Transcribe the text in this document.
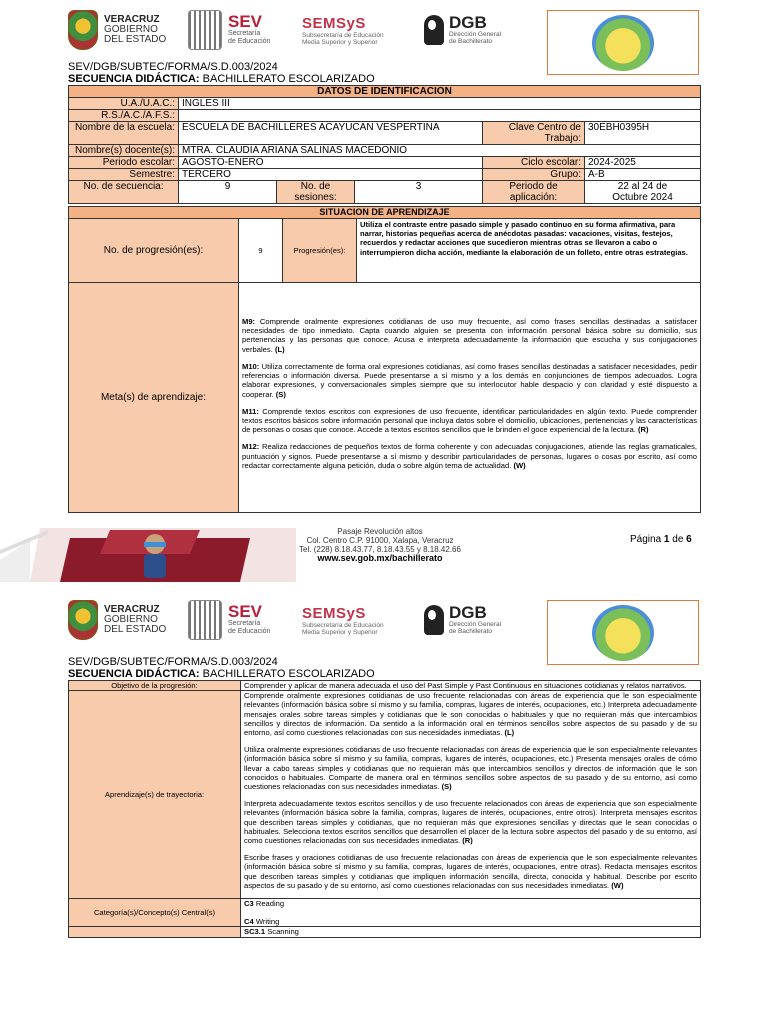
VERACRUZ
GOBIERNO
DEL ESTADO
SEV
Secretaría
de Educación
SEMSyS
Subsecretaría de Educación
Media Superior y Superior
DGB
Dirección General
de Bachillerato
SEV/DGB/SUBTEC/FORMA/S.D.003/2024
SECUENCIA DIDÁCTICA: BACHILLERATO ESCOLARIZADO
DATOS DE IDENTIFICACION					
U.A./U.A.C.:	INGLES III				
R.S./A.C./A.F.S.:					
Nombre de la escuela:	ESCUELA DE BACHILLERES ACAYUCAN VESPERTINA			Clave Centro de Trabajo:	30EBH0395H
Nombre(s) docente(s):	MTRA. CLAUDIA ARIANA SALINAS MACEDONIO				
Periodo escolar:	AGOSTO-ENERO			Ciclo escolar:	2024-2025
Semestre:	TERCERO			Grupo:	A-B
No. de secuencia:	9	No. de sesiones:	3	Periodo de aplicación:	22 al 24 de
Octubre 2024
SITUACION DE APRENDIZAJE			
No. de progresión(es):	9	Progresión(es):	Utiliza el contraste entre pasado simple y pasado continuo en su forma afirmativa, para narrar, historias pequeñas acerca de anécdotas pasadas: vacaciones, visitas, festejos, recuerdos y redactar acciones que sucedieron mientras otras se llevaron a cabo o interrumpieron dicha acción, mediante la elaboración de un folleto, entre otras estrategias.
Meta(s) de aprendizaje:	M9: Comprende oralmente expresiones cotidianas de uso muy frecuente, así como frases sencillas destinadas a satisfacer necesidades de tipo inmediato. Capta cuando alguien se presenta con información personal básica sobre su domicilio, sus pertenencias y las personas que conoce. Acusa e interpreta adecuadamente la información que escucha y sus conjugaciones verbales. (L)

M10: Utiliza correctamente de forma oral expresiones cotidianas, así como frases sencillas destinadas a satisfacer necesidades, pedir referencias o información diversa. Puede presentarse a sí mismo y a los demás en conjunciones de tiempos adecuados. Logra elaborar expresiones, y conversacionales simples siempre que su interlocutor hable despacio y con claridad y esté dispuesto a cooperar. (S)

M11: Comprende textos escritos con expresiones de uso frecuente, identificar particularidades en algún texto. Puede comprender textos escritos básicos sobre información personal que incluya datos sobre el domicilio, ubicaciones, pertenencias y las características de personas o cosas que conoce. Accede a textos escritos sencillos que le brinden el goce experiencial de la lectura. (R)

M12: Realiza redacciones de pequeños textos de forma coherente y con adecuadas conjugaciones, atiende las reglas gramaticales, puntuación y signos. Puede presentarse a sí mismo y describir particularidades de personas, lugares o cosas por escrito, así como redactar correctamente alguna petición, duda o sobre algún tema de actualidad. (W)		

Pasaje Revolución altos
Col. Centro C.P. 91000, Xalapa, Veracruz
Tel. (228) 8.18.43.77, 8.18.43.55 y 8.18.42.66
www.sev.gob.mx/bachillerato
Página 1 de 6
VERACRUZ
GOBIERNO
DEL ESTADO
SEV
Secretaría
de Educación
SEMSyS
Subsecretaría de Educación
Media Superior y Superior
DGB
Dirección General
de Bachillerato
SEV/DGB/SUBTEC/FORMA/S.D.003/2024
SECUENCIA DIDÁCTICA: BACHILLERATO ESCOLARIZADO
Objetivo de la progresión:	Comprender y aplicar de manera adecuada el uso del Past Simple y Past Continuous en situaciones cotidianas y relatos narrativos.
Aprendizaje(s) de trayectoria:	Comprende oralmente expresiones cotidianas de uso frecuente relacionadas con áreas de experiencia que le son especialmente relevantes (información básica sobre sí mismo y su familia, compras, lugares de interés, ocupaciones, etc.) Interpreta adecuadamente mensajes orales sobre tareas simples y cotidianas que le son conocidas o habituales y que no requieran más que intercambios sencillos y directos de información. Da sentido a la información oral en términos sencillos sobre aspectos de su pasado y de su entorno, así como cuestiones relacionadas con sus necesidades inmediatas. (L)

Utiliza oralmente expresiones cotidianas de uso frecuente relacionadas con áreas de experiencia que le son especialmente relevantes (información básica sobre sí mismo y su familia, compras, lugares de interés, ocupaciones, etc.) Presenta mensajes orales de cómo llevar a cabo tareas simples y cotidianas que no requieran más que intercambios sencillos y directos de información que le son conocidos o habituales. Comparte de manera oral en términos sencillos sobre aspectos de su pasado y de su entorno, así como cuestiones relacionadas con sus necesidades inmediatas. (S)

Interpreta adecuadamente textos escritos sencillos y de uso frecuente relacionados con áreas de experiencia que son especialmente relevantes (información básica sobre la familia, compras, lugares de interés, ocupaciones, entre otros). Interpreta mensajes escritos que describen tareas simples y cotidianas, que no requieran más que expresiones sencillas y directas que le sean conocidas o habituales. Selecciona textos escritos sencillos que desarrollen el placer de la lectura sobre aspectos del pasado y de su entorno, así como cuestiones relacionadas con sus necesidades inmediatas. (R)

Escribe frases y oraciones cotidianas de uso frecuente relacionadas con áreas de experiencia que le son especialmente relevantes (información básica sobre sí mismo y su familia, compras, lugares de interés, ocupaciones, entre otras). Redacta mensajes escritos que describen tareas simples y cotidianas que impliquen información sencilla, directa, conocida y habitual. Describe por escrito aspectos de su pasado y de su entorno, así como cuestiones relacionadas con sus necesidades inmediatas. (W)

Categoría(s)/Concepto(s) Central(s)	C3 Reading
C4 Writing

	SC3.1 Scanning
